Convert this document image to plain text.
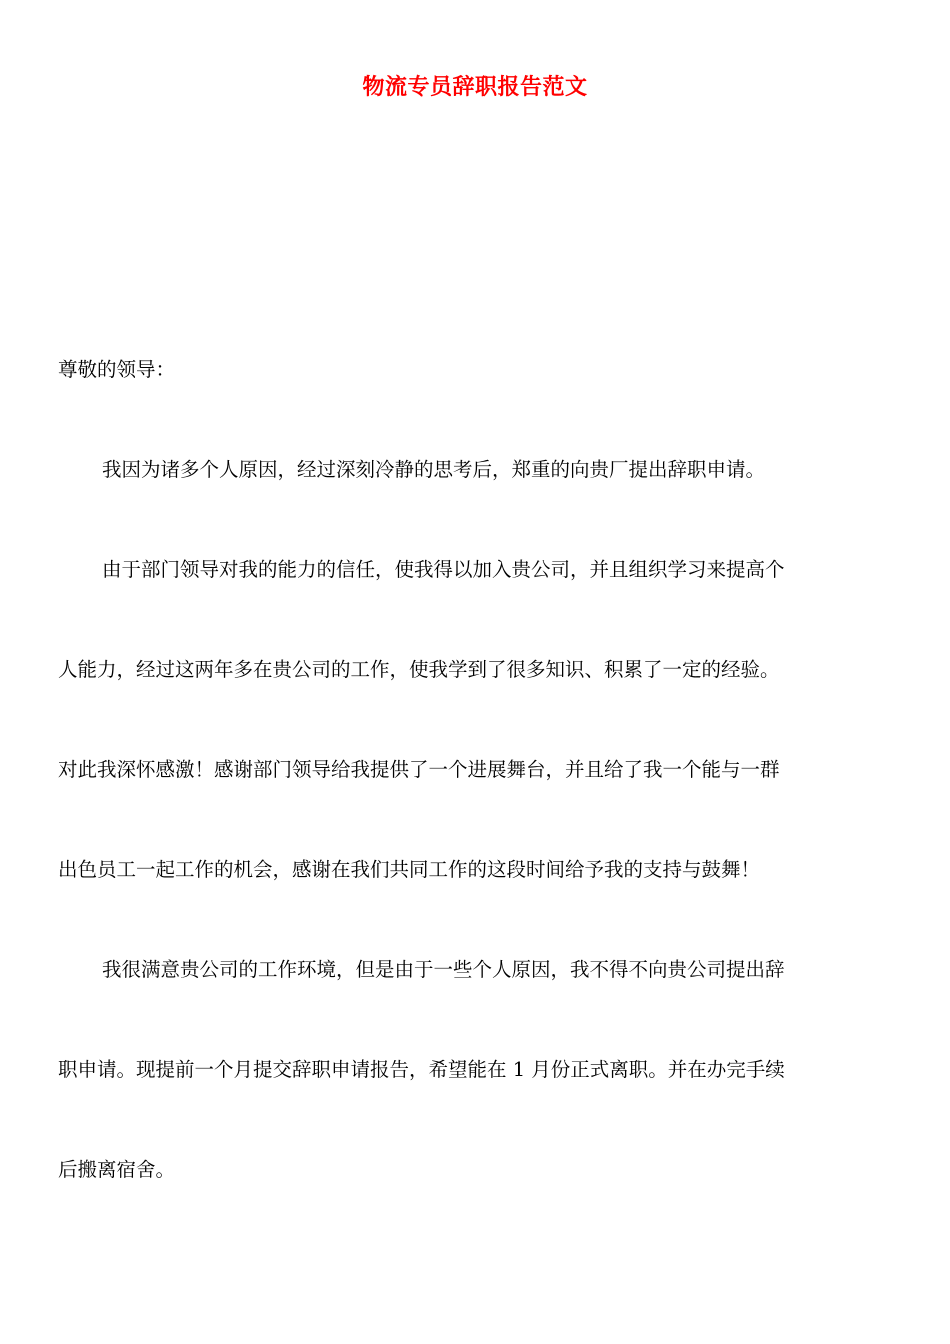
物流专员辞职报告范文
尊敬的领导：
我因为诸多个人原因，经过深刻冷静的思考后，郑重的向贵厂提出辞职申请。
由于部门领导对我的能力的信任，使我得以加入贵公司，并且组织学习来提高个
人能力，经过这两年多在贵公司的工作，使我学到了很多知识、积累了一定的经验。
对此我深怀感激！感谢部门领导给我提供了一个进展舞台，并且给了我一个能与一群
出色员工一起工作的机会，感谢在我们共同工作的这段时间给予我的支持与鼓舞！
我很满意贵公司的工作环境，但是由于一些个人原因，我不得不向贵公司提出辞
职申请。现提前一个月提交辞职申请报告，希望能在 1 月份正式离职。并在办完手续
后搬离宿舍。
